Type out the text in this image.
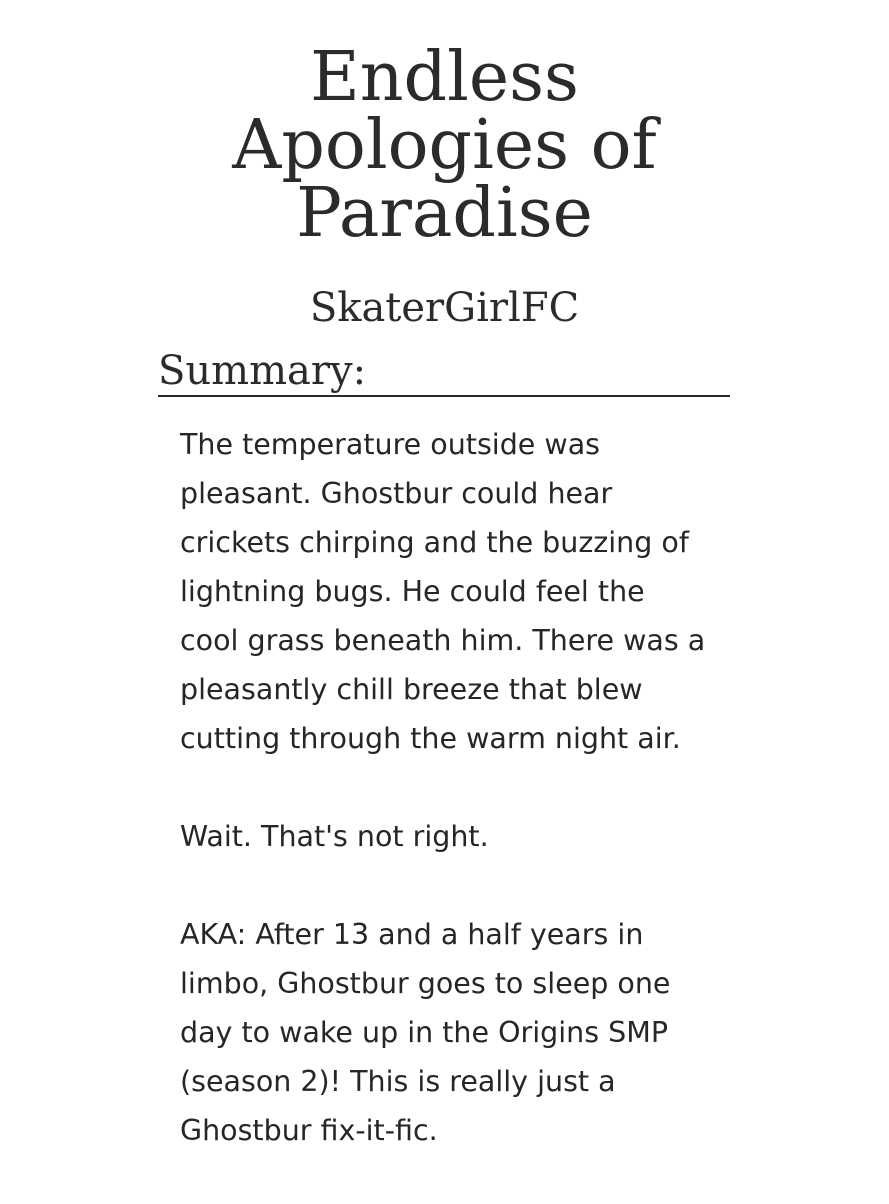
Endless
Apologies of
Paradise
SkaterGirlFC
Summary:

The temperature outside was pleasant. Ghostbur could hear crickets chirping and the buzzing of lightning bugs. He could feel the cool grass beneath him. There was a pleasantly chill breeze that blew cutting through the warm night air.

Wait. That's not right.

AKA: After 13 and a half years in limbo, Ghostbur goes to sleep one day to wake up in the Origins SMP (season 2)! This is really just a Ghostbur fix-it-fic.
